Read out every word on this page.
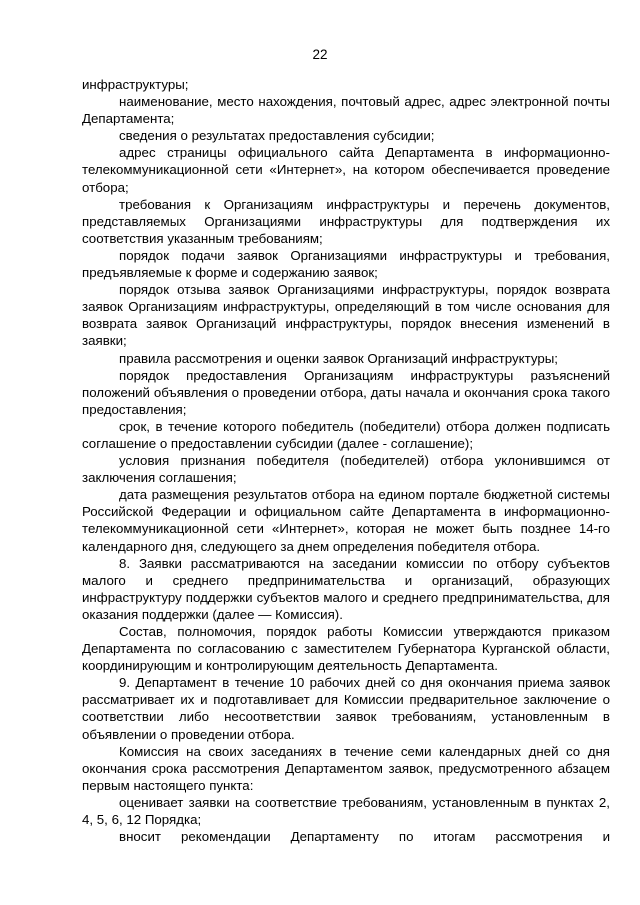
22

инфраструктуры;

наименование, место нахождения, почтовый адрес, адрес электронной почты Департамента;

сведения о результатах предоставления субсидии;

адрес страницы официального сайта Департамента в информационно-телекоммуникационной сети «Интернет», на котором обеспечивается проведение отбора;

требования к Организациям инфраструктуры и перечень документов, представляемых Организациями инфраструктуры для подтверждения их соответствия указанным требованиям;

порядок подачи заявок Организациями инфраструктуры и требования, предъявляемые к форме и содержанию заявок;

порядок отзыва заявок Организациями инфраструктуры, порядок возврата заявок Организациям инфраструктуры, определяющий в том числе основания для возврата заявок Организаций инфраструктуры, порядок внесения изменений в заявки;

правила рассмотрения и оценки заявок Организаций инфраструктуры;

порядок предоставления Организациям инфраструктуры разъяснений положений объявления о проведении отбора, даты начала и окончания срока такого предоставления;

срок, в течение которого победитель (победители) отбора должен подписать соглашение о предоставлении субсидии (далее - соглашение);

условия признания победителя (победителей) отбора уклонившимся от заключения соглашения;

дата размещения результатов отбора на едином портале бюджетной системы Российской Федерации и официальном сайте Департамента в информационно-телекоммуникационной сети «Интернет», которая не может быть позднее 14-го календарного дня, следующего за днем определения победителя отбора.

8. Заявки рассматриваются на заседании комиссии по отбору субъектов малого и среднего предпринимательства и организаций, образующих инфраструктуру поддержки субъектов малого и среднего предпринимательства, для оказания поддержки (далее — Комиссия).

Состав, полномочия, порядок работы Комиссии утверждаются приказом Департамента по согласованию с заместителем Губернатора Курганской области, координирующим и контролирующим деятельность Департамента.

9. Департамент в течение 10 рабочих дней со дня окончания приема заявок рассматривает их и подготавливает для Комиссии предварительное заключение о соответствии либо несоответствии заявок требованиям, установленным в объявлении о проведении отбора.

Комиссия на своих заседаниях в течение семи календарных дней со дня окончания срока рассмотрения Департаментом заявок, предусмотренного абзацем первым настоящего пункта:

оценивает заявки на соответствие требованиям, установленным в пунктах 2, 4, 5, 6, 12 Порядка;

вносит рекомендации Департаменту по итогам рассмотрения и
